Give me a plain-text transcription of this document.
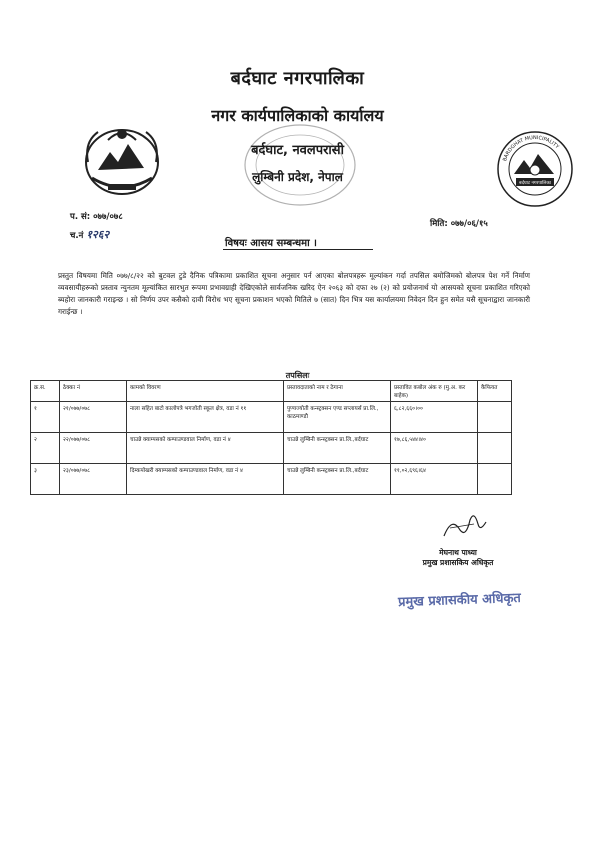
बर्दघाट नगरपालिका
नगर कार्यपालिकाको कार्यालय
बर्दघाट, नवलपरासी
लुम्बिनी प्रदेश, नेपाल
BARDGHAT MUNICIPALITY
बर्दघाट नगरपालिका
प. सं: ०७७/०७८
च.नं १२६२
मिति: ०७७/०६/१५
विषयः आसय सम्बन्धमा ।
प्रस्तुत विषयमा मिति ०७७/८/२२ को बुटवल टुडे दैनिक पत्रिकामा प्रकाशित सूचना अनुसार पर्न आएका बोलपत्रहरू मूल्यांकन गर्दा तपसिल बमोजिमको बोलपत्र पेश गर्ने निर्माण व्यवसायीहरूको प्रस्ताव न्युनतम मूल्यांकित सारभुत रूपमा प्रभावग्राही देखिएकोले सार्वजनिक खरिद ऐन २०६३ को दफा २७ (२) को प्रयोजनार्थ यो आसयको सूचना प्रकाशित गरिएको ब्यहोरा जानकारी गराइन्छ । सो निर्णय उपर कसैको दावी विरोध भए सूचना प्रकाशन भएको मितिले ७ (सात) दिन भित्र यस कार्यालयमा निवेदन दिन हुन समेत यसै सूचनाद्वारा जानकारी गराईन्छ ।
तपसिलः
क्र.स.	ठेक्का नं	कामको विवरण	प्रस्तावदाताको नाम र ठेगाना	प्रस्तावित कबोल अंक रु (मु.अ. कर बाहेक)	कैफियत
१	२१/०७७/०७८	नाला सहित बाटो कालोपत्रे भगजोती स्कूल क्षेत्र, वडा नं ११	पुण्यज्योती कन्स्ट्रक्सन एण्ड सप्लायर्स प्रा.लि., काठमाण्डौ	६,८२,६६०।००	
२	२२/०७७/०७८	चाउन्ने क्याम्पसको कम्पाउण्डवाल निर्माण, वडा नं ४	चाउन्ने लुम्बिनी कन्स्ट्रक्सन प्रा.लि.,बर्दघाट	१७,८६,५४४।४०	
३	२३/०७७/०७८	दिम्कपोखरी क्याम्पसको कम्पाउण्डवाल निर्माण, वडा नं ४	चाउन्ने लुम्बिनी कन्स्ट्रक्सन प्रा.लि.,बर्दघाट	११,०२,६९६।६४	
मेघनाथ पाध्या
प्रमुख प्रशासकिय अधिकृत
प्रमुख प्रशासकीय अधिकृत
